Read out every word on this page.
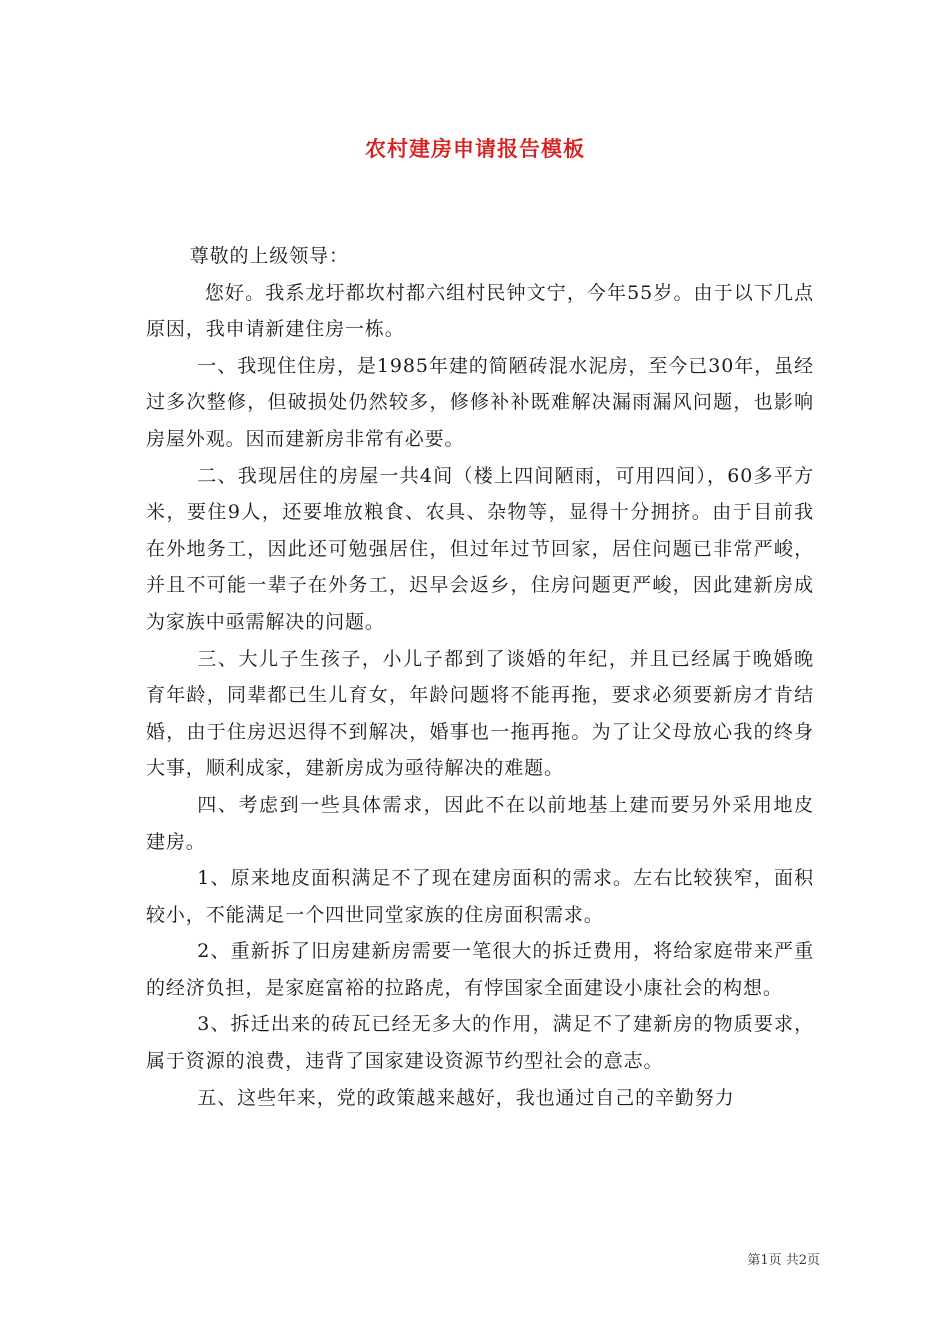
农村建房申请报告模板

尊敬的上级领导：

您好。我系龙圩都坎村都六组村民钟文宁，今年55岁。由于以下几点原因，我申请新建住房一栋。

一、我现住住房，是1985年建的简陋砖混水泥房，至今已30年，虽经过多次整修，但破损处仍然较多，修修补补既难解决漏雨漏风问题，也影响房屋外观。因而建新房非常有必要。

二、我现居住的房屋一共4间（楼上四间陋雨，可用四间），60多平方米，要住9人，还要堆放粮食、农具、杂物等，显得十分拥挤。由于目前我在外地务工，因此还可勉强居住，但过年过节回家，居住问题已非常严峻，并且不可能一辈子在外务工，迟早会返乡，住房问题更严峻，因此建新房成为家族中亟需解决的问题。

三、大儿子生孩子，小儿子都到了谈婚的年纪，并且已经属于晚婚晚育年龄，同辈都已生儿育女，年龄问题将不能再拖，要求必须要新房才肯结婚，由于住房迟迟得不到解决，婚事也一拖再拖。为了让父母放心我的终身大事，顺利成家，建新房成为亟待解决的难题。

四、考虑到一些具体需求，因此不在以前地基上建而要另外采用地皮建房。

1、原来地皮面积满足不了现在建房面积的需求。左右比较狭窄，面积较小，不能满足一个四世同堂家族的住房面积需求。

2、重新拆了旧房建新房需要一笔很大的拆迁费用，将给家庭带来严重的经济负担，是家庭富裕的拉路虎，有悖国家全面建设小康社会的构想。

3、拆迁出来的砖瓦已经无多大的作用，满足不了建新房的物质要求，属于资源的浪费，违背了国家建设资源节约型社会的意志。

五、这些年来，党的政策越来越好，我也通过自己的辛勤努力

第1页 共2页
